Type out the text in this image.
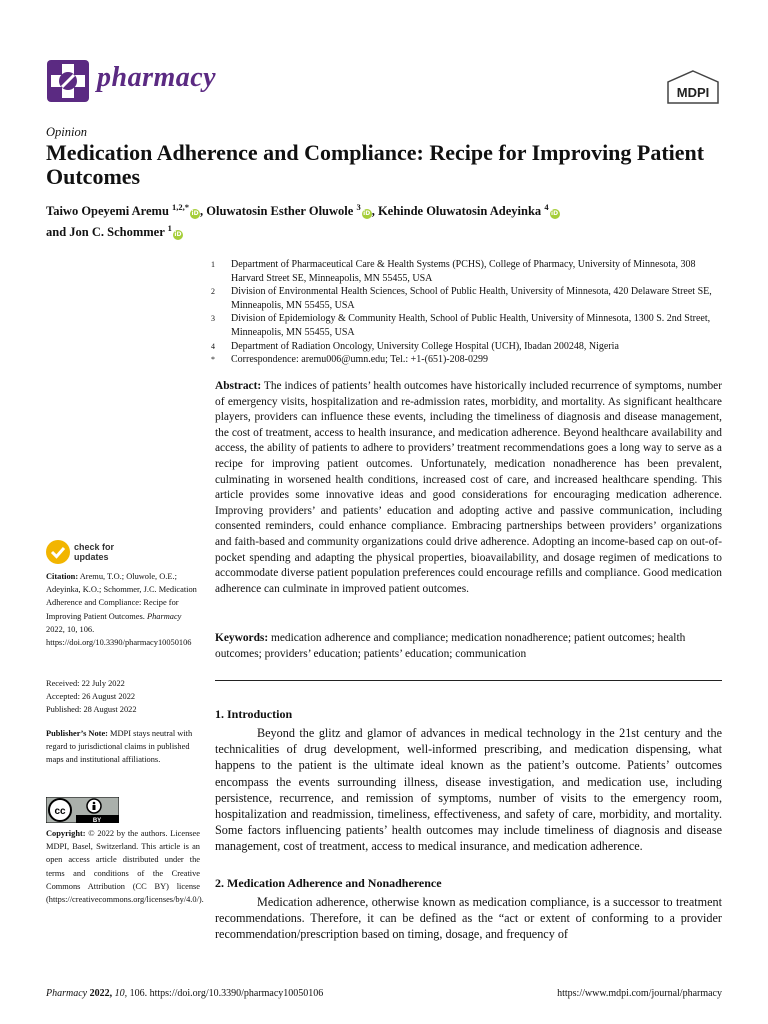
pharmacy	MDPI
Opinion
Medication Adherence and Compliance: Recipe for Improving Patient Outcomes
Taiwo Opeyemi Aremu $^{1,2,*}$iD, Oluwatosin Esther Oluwole $^3$iD, Kehinde Oluwatosin Adeyinka $^4$iD
and Jon C. Schommer $^1$iD
1	Department of Pharmaceutical Care & Health Systems (PCHS), College of Pharmacy, University of Minnesota, 308 Harvard Street SE, Minneapolis, MN 55455, USA
2	Division of Environmental Health Sciences, School of Public Health, University of Minnesota, 420 Delaware Street SE, Minneapolis, MN 55455, USA
3	Division of Epidemiology & Community Health, School of Public Health, University of Minnesota, 1300 S. 2nd Street, Minneapolis, MN 55455, USA
4	Department of Radiation Oncology, University College Hospital (UCH), Ibadan 200248, Nigeria
*	Correspondence: aremu006@umn.edu; Tel.: +1-(651)-208-0299
Abstract: The indices of patients’ health outcomes have historically included recurrence of symptoms, number of emergency visits, hospitalization and re-admission rates, morbidity, and mortality. As significant healthcare players, providers can influence these events, including the timeliness of diagnosis and disease management, the cost of treatment, access to health insurance, and medication adherence. Beyond healthcare availability and access, the ability of patients to adhere to providers’ treatment recommendations goes a long way to serve as a recipe for improving patient outcomes. Unfortunately, medication nonadherence has been prevalent, culminating in worsened health conditions, increased cost of care, and increased healthcare spending. This article provides some innovative ideas and good considerations for encouraging medication adherence. Improving providers’ and patients’ education and adopting active and passive communication, including consented reminders, could enhance compliance. Embracing partnerships between providers’ organizations and faith-based and community organizations could drive adherence. Adopting an income-based cap on out-of-pocket spending and adapting the physical properties, bioavailability, and dosage regimen of medications to accommodate diverse patient population preferences could encourage refills and compliance. Good medication adherence can culminate in improved patient outcomes.
Keywords: medication adherence and compliance; medication nonadherence; patient outcomes; health outcomes; providers’ education; patients’ education; communication
1. Introduction
Beyond the glitz and glamor of advances in medical technology in the 21st century and the technicalities of drug development, well-informed prescribing, and medication dispensing, what happens to the patient is the ultimate ideal known as the patient’s outcome. Patients’ outcomes encompass the events surrounding illness, disease investigation, and medication use, including persistence, recurrence, and remission of symptoms, number of visits to the emergency room, hospitalization and readmission, timeliness, effectiveness, and safety of care, morbidity, and mortality. Some factors influencing patients’ health outcomes may include timeliness of diagnosis and disease management, cost of treatment, access to medical insurance, and medication adherence.
2. Medication Adherence and Nonadherence
Medication adherence, otherwise known as medication compliance, is a successor to treatment recommendations. Therefore, it can be defined as the “act or extent of conforming to a provider recommendation/prescription based on timing, dosage, and frequency of
check for
updates
Citation: Aremu, T.O.; Oluwole, O.E.; Adeyinka, K.O.; Schommer, J.C. Medication Adherence and Compliance: Recipe for Improving Patient Outcomes. Pharmacy 2022, 10, 106. https://doi.org/10.3390/pharmacy10050106
Received: 22 July 2022
Accepted: 26 August 2022
Published: 28 August 2022
Publisher’s Note: MDPI stays neutral with regard to jurisdictional claims in published maps and institutional affiliations.
cc
BY
Copyright: © 2022 by the authors. Licensee MDPI, Basel, Switzerland. This article is an open access article distributed under the terms and conditions of the Creative Commons Attribution (CC BY) license (https://creativecommons.org/licenses/by/4.0/).
Pharmacy 2022, 10, 106. https://doi.org/10.3390/pharmacy10050106	https://www.mdpi.com/journal/pharmacy
